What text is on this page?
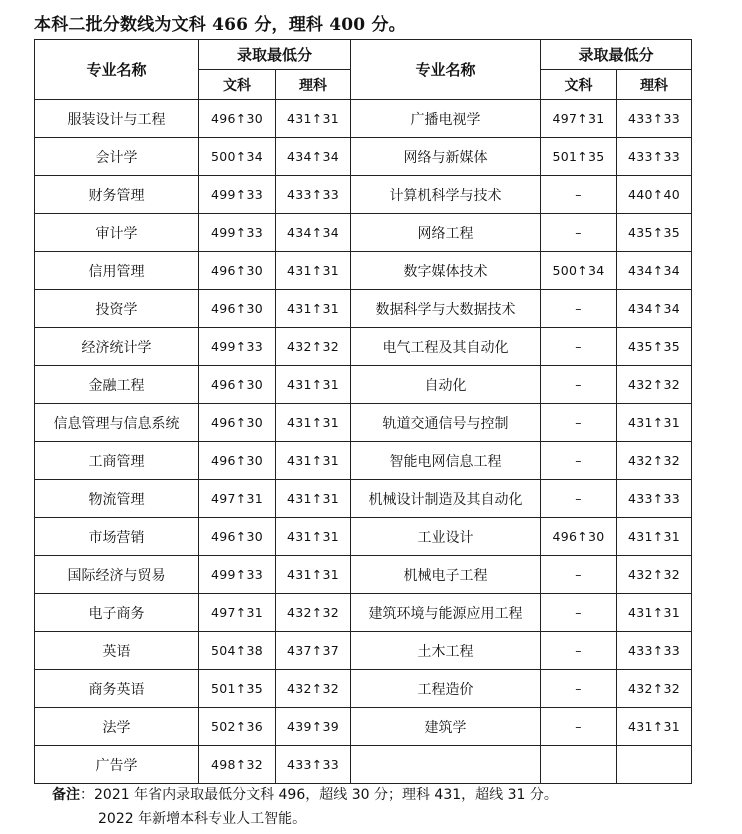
本科二批分数线为文科 466 分，理科 400 分。
专业名称	录取最低分		专业名称	录取最低分	
	文科	理科		文科	理科
服装设计与工程	496↑30	431↑31	广播电视学	497↑31	433↑33
会计学	500↑34	434↑34	网络与新媒体	501↑35	433↑33
财务管理	499↑33	433↑33	计算机科学与技术	–	440↑40
审计学	499↑33	434↑34	网络工程	–	435↑35
信用管理	496↑30	431↑31	数字媒体技术	500↑34	434↑34
投资学	496↑30	431↑31	数据科学与大数据技术	–	434↑34
经济统计学	499↑33	432↑32	电气工程及其自动化	–	435↑35
金融工程	496↑30	431↑31	自动化	–	432↑32
信息管理与信息系统	496↑30	431↑31	轨道交通信号与控制	–	431↑31
工商管理	496↑30	431↑31	智能电网信息工程	–	432↑32
物流管理	497↑31	431↑31	机械设计制造及其自动化	–	433↑33
市场营销	496↑30	431↑31	工业设计	496↑30	431↑31
国际经济与贸易	499↑33	431↑31	机械电子工程	–	432↑32
电子商务	497↑31	432↑32	建筑环境与能源应用工程	–	431↑31
英语	504↑38	437↑37	土木工程	–	433↑33
商务英语	501↑35	432↑32	工程造价	–	432↑32
法学	502↑36	439↑39	建筑学	–	431↑31
广告学	498↑32	433↑33			
备注：2021 年省内录取最低分文科 496，超线 30 分；理科 431，超线 31 分。
2022 年新增本科专业人工智能。
